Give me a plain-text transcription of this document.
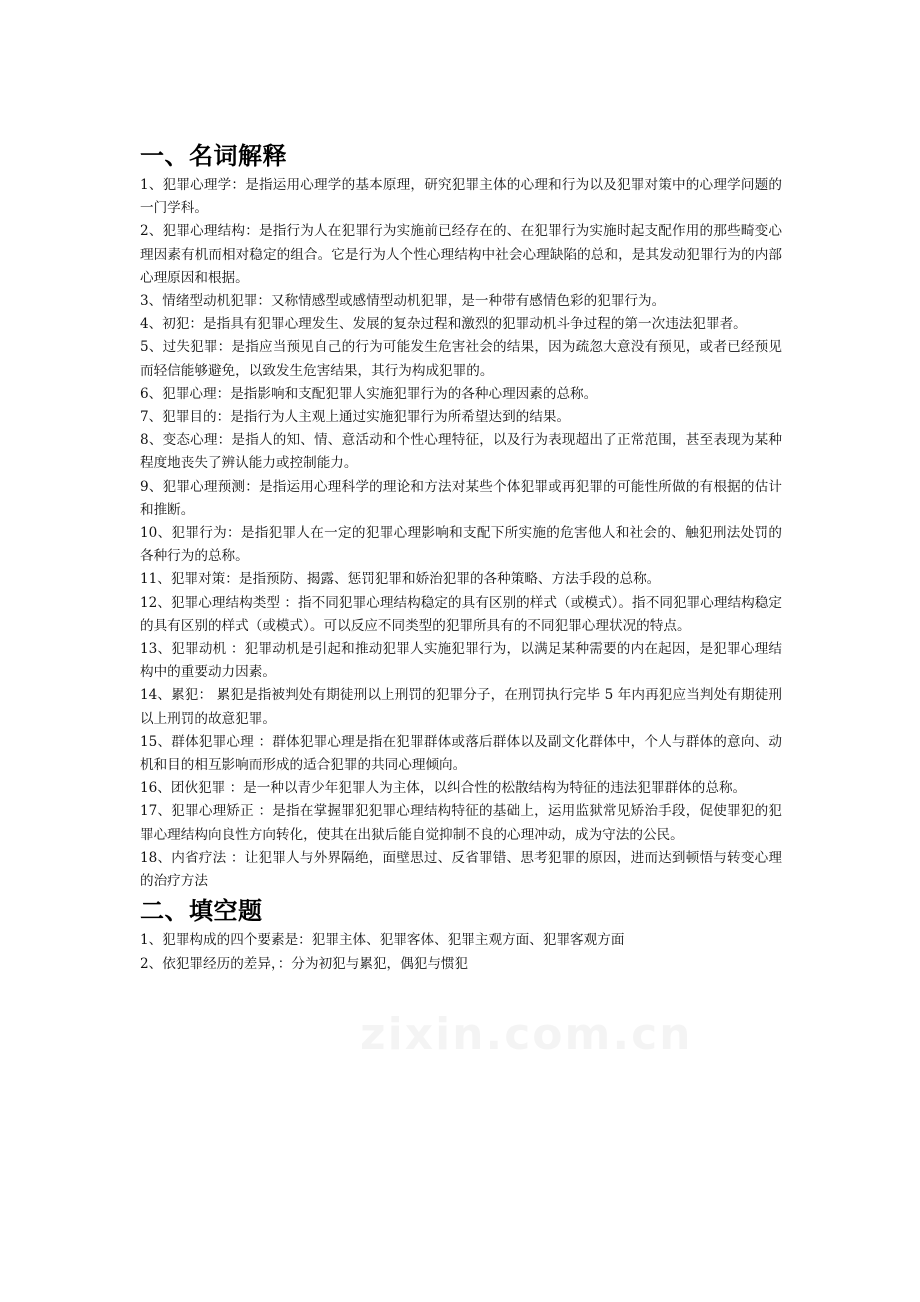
一、名词解释

1、犯罪心理学：是指运用心理学的基本原理，研究犯罪主体的心理和行为以及犯罪对策中的心理学问题的一门学科。

2、犯罪心理结构：是指行为人在犯罪行为实施前已经存在的、在犯罪行为实施时起支配作用的那些畸变心理因素有机而相对稳定的组合。它是行为人个性心理结构中社会心理缺陷的总和，是其发动犯罪行为的内部心理原因和根据。

3、情绪型动机犯罪：又称情感型或感情型动机犯罪，是一种带有感情色彩的犯罪行为。

4、初犯：是指具有犯罪心理发生、发展的复杂过程和激烈的犯罪动机斗争过程的第一次违法犯罪者。

5、过失犯罪：是指应当预见自己的行为可能发生危害社会的结果，因为疏忽大意没有预见，或者已经预见而轻信能够避免，以致发生危害结果，其行为构成犯罪的。

6、犯罪心理：是指影响和支配犯罪人实施犯罪行为的各种心理因素的总称。

7、犯罪目的：是指行为人主观上通过实施犯罪行为所希望达到的结果。

8、变态心理：是指人的知、情、意活动和个性心理特征，以及行为表现超出了正常范围，甚至表现为某种程度地丧失了辨认能力或控制能力。

9、犯罪心理预测：是指运用心理科学的理论和方法对某些个体犯罪或再犯罪的可能性所做的有根据的估计和推断。

10、犯罪行为：是指犯罪人在一定的犯罪心理影响和支配下所实施的危害他人和社会的、触犯刑法处罚的各种行为的总称。

11、犯罪对策：是指预防、揭露、惩罚犯罪和娇治犯罪的各种策略、方法手段的总称。

12、犯罪心理结构类型 ：指不同犯罪心理结构稳定的具有区别的样式（或模式）。指不同犯罪心理结构稳定的具有区别的样式（或模式）。可以反应不同类型的犯罪所具有的不同犯罪心理状况的特点。

13、犯罪动机 ：犯罪动机是引起和推动犯罪人实施犯罪行为，以满足某种需要的内在起因，是犯罪心理结构中的重要动力因素。

14、累犯： 累犯是指被判处有期徒刑以上刑罚的犯罪分子，在刑罚执行完毕 5 年内再犯应当判处有期徒刑以上刑罚的故意犯罪。

15、群体犯罪心理 ：群体犯罪心理是指在犯罪群体或落后群体以及副文化群体中，个人与群体的意向、动机和目的相互影响而形成的适合犯罪的共同心理倾向。

16、团伙犯罪 ：是一种以青少年犯罪人为主体，以纠合性的松散结构为特征的违法犯罪群体的总称。

17、犯罪心理矫正 ：是指在掌握罪犯犯罪心理结构特征的基础上，运用监狱常见矫治手段，促使罪犯的犯罪心理结构向良性方向转化，使其在出狱后能自觉抑制不良的心理冲动，成为守法的公民。

18、内省疗法 ：让犯罪人与外界隔绝，面壁思过、反省罪错、思考犯罪的原因，进而达到顿悟与转变心理的治疗方法

二、填空题

1、犯罪构成的四个要素是：犯罪主体、犯罪客体、犯罪主观方面、犯罪客观方面

2、依犯罪经历的差异，：分为初犯与累犯，偶犯与惯犯
